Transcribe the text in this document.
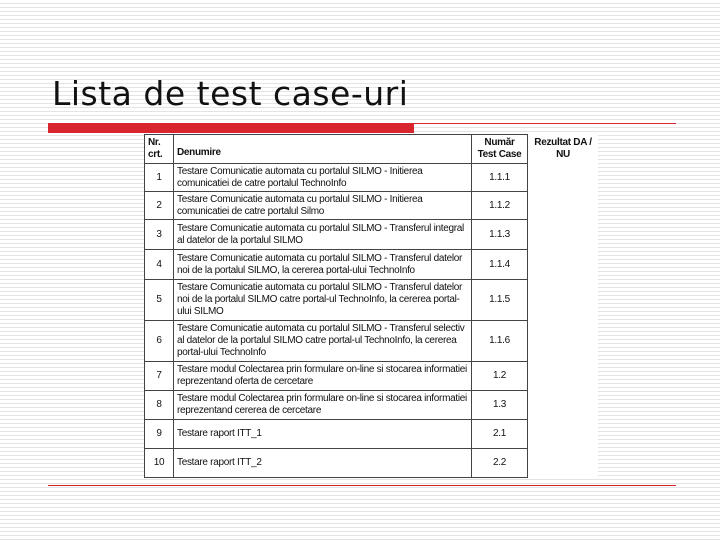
Lista de test case-uri
Nr. crt.	Denumire	Număr Test Case	Rezultat DA / NU
1	Testare Comunicatie automata cu portalul SILMO - Initierea comunicatiei de catre portalul TechnoInfo	1.1.1	
2	Testare Comunicatie automata cu portalul SILMO - Initierea comunicatiei de catre portalul Silmo	1.1.2	
3	Testare Comunicatie automata cu portalul SILMO - Transferul integral al datelor de la portalul SILMO	1.1.3	
4	Testare Comunicatie automata cu portalul SILMO - Transferul datelor noi de la portalul SILMO, la cererea portal-ului TechnoInfo	1.1.4	
5	Testare Comunicatie automata cu portalul SILMO - Transferul datelor noi de la portalul SILMO catre portal-ul TechnoInfo, la cererea portal-ului SILMO	1.1.5	
6	Testare Comunicatie automata cu portalul SILMO - Transferul selectiv al datelor de la portalul SILMO catre portal-ul TechnoInfo, la cererea portal-ului TechnoInfo	1.1.6	
7	Testare modul Colectarea prin formulare on-line si stocarea informatiei reprezentand oferta de cercetare	1.2	
8	Testare modul Colectarea prin formulare on-line si stocarea informatiei reprezentand cererea de cercetare	1.3	
9	Testare raport ITT_1	2.1	
10	Testare raport ITT_2	2.2	
